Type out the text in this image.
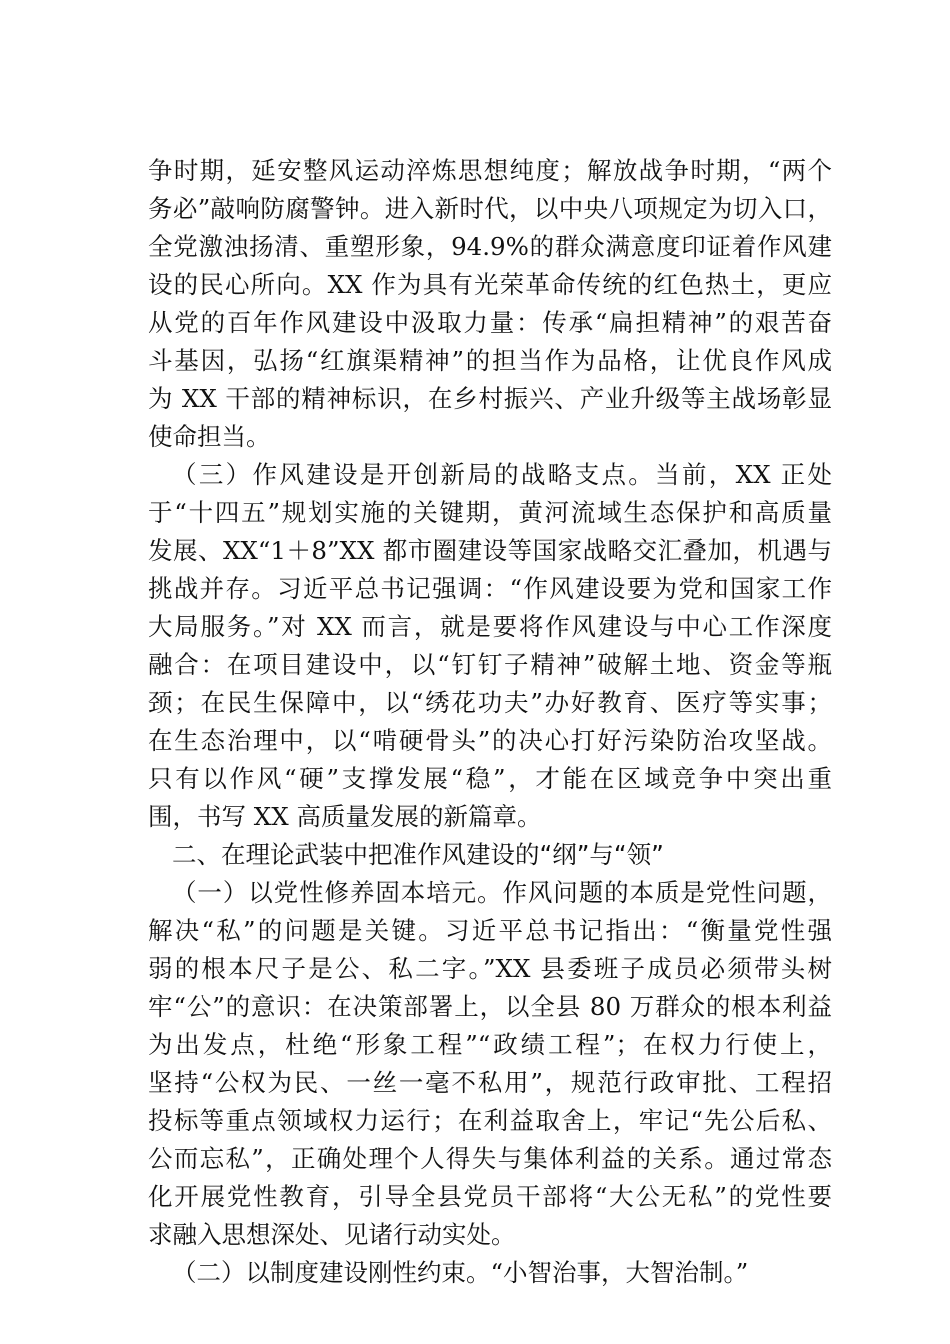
争时期，延安整风运动淬炼思想纯度；解放战争时期，“两个
务必”敲响防腐警钟。进入新时代，以中央八项规定为切入口，
全党激浊扬清、重塑形象，94.9%的群众满意度印证着作风建
设的民心所向。XX 作为具有光荣革命传统的红色热土，更应
从党的百年作风建设中汲取力量：传承“扁担精神”的艰苦奋
斗基因，弘扬“红旗渠精神”的担当作为品格，让优良作风成
为 XX 干部的精神标识，在乡村振兴、产业升级等主战场彰显
使命担当。
（三）作风建设是开创新局的战略支点。当前，XX 正处
于“十四五”规划实施的关键期，黄河流域生态保护和高质量
发展、XX“1＋8”XX 都市圈建设等国家战略交汇叠加，机遇与
挑战并存。习近平总书记强调：“作风建设要为党和国家工作
大局服务。”对 XX 而言，就是要将作风建设与中心工作深度
融合：在项目建设中，以“钉钉子精神”破解土地、资金等瓶
颈；在民生保障中，以“绣花功夫”办好教育、医疗等实事；
在生态治理中，以“啃硬骨头”的决心打好污染防治攻坚战。
只有以作风“硬”支撑发展“稳”，才能在区域竞争中突出重
围，书写 XX 高质量发展的新篇章。
二、在理论武装中把准作风建设的“纲”与“领”
（一）以党性修养固本培元。作风问题的本质是党性问题，
解决“私”的问题是关键。习近平总书记指出：“衡量党性强
弱的根本尺子是公、私二字。”XX 县委班子成员必须带头树
牢“公”的意识：在决策部署上，以全县 80 万群众的根本利益
为出发点，杜绝“形象工程”“政绩工程”；在权力行使上，
坚持“公权为民、一丝一毫不私用”，规范行政审批、工程招
投标等重点领域权力运行；在利益取舍上，牢记“先公后私、
公而忘私”，正确处理个人得失与集体利益的关系。通过常态
化开展党性教育，引导全县党员干部将“大公无私”的党性要
求融入思想深处、见诸行动实处。
（二）以制度建设刚性约束。“小智治事，大智治制。”
